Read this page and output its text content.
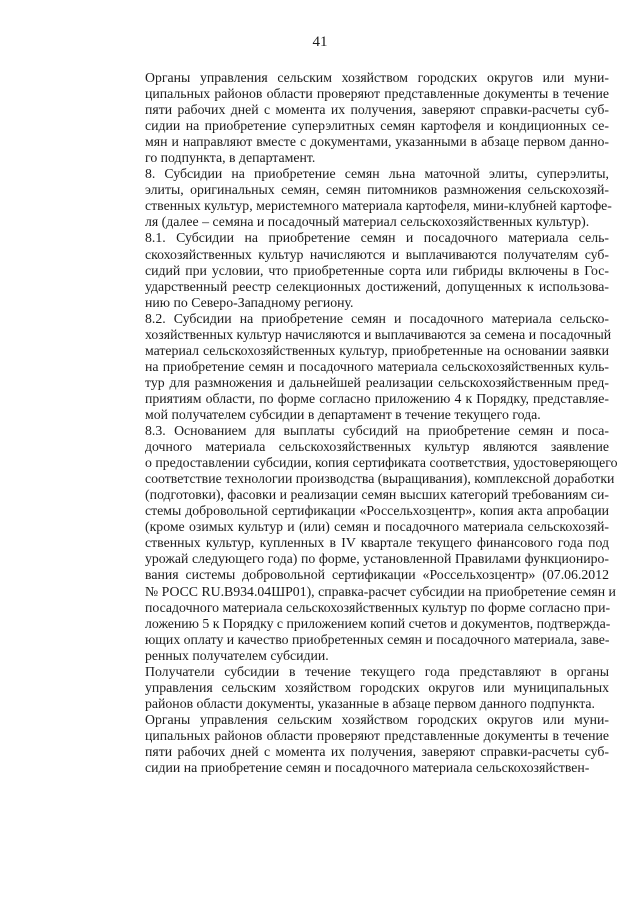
41

Органы управления сельским хозяйством городских округов или муни-
ципальных районов области проверяют представленные документы в течение
пяти рабочих дней с момента их получения, заверяют справки-расчеты суб-
сидии на приобретение суперэлитных семян картофеля и кондиционных се-
мян и направляют вместе с документами, указанными в абзаце первом данно-
го подпункта, в департамент.

8. Субсидии на приобретение семян льна маточной элиты, суперэлиты,
элиты, оригинальных семян, семян питомников размножения сельскохозяй-
ственных культур, меристемного материала картофеля, мини-клубней картофе-
ля (далее – семяна и посадочный материал сельскохозяйственных культур).

8.1. Субсидии на приобретение семян и посадочного материала сель-
скохозяйственных культур начисляются и выплачиваются получателям суб-
сидий при условии, что приобретенные сорта или гибриды включены в Гос-
ударственный реестр селекционных достижений, допущенных к использова-
нию по Северо-Западному региону.

8.2. Субсидии на приобретение семян и посадочного материала сельско-
хозяйственных культур начисляются и выплачиваются за семена и посадочный
материал сельскохозяйственных культур, приобретенные на основании заявки
на приобретение семян и посадочного материала сельскохозяйственных куль-
тур для размножения и дальнейшей реализации сельскохозяйственным пред-
приятиям области, по форме согласно приложению 4 к Порядку, представляе-
мой получателем субсидии в департамент в течение текущего года.

8.3. Основанием для выплаты субсидий на приобретение семян и поса-
дочного материала сельскохозяйственных культур являются заявление
о предоставлении субсидии, копия сертификата соответствия, удостоверяющего
соответствие технологии производства (выращивания), комплексной доработки
(подготовки), фасовки и реализации семян высших категорий требованиям си-
стемы добровольной сертификации «Россельхозцентр», копия акта апробации
(кроме озимых культур и (или) семян и посадочного материала сельскохозяй-
ственных культур, купленных в IV квартале текущего финансового года под
урожай следующего года) по форме, установленной Правилами функциониро-
вания системы добровольной сертификации «Россельхозцентр» (07.06.2012
№ РОСС RU.В934.04ШР01), справка-расчет субсидии на приобретение семян и
посадочного материала сельскохозяйственных культур по форме согласно при-
ложению 5 к Порядку с приложением копий счетов и документов, подтвержда-
ющих оплату и качество приобретенных семян и посадочного материала, заве-
ренных получателем субсидии.

Получатели субсидии в течение текущего года представляют в органы
управления сельским хозяйством городских округов или муниципальных
районов области документы, указанные в абзаце первом данного подпункта.

Органы управления сельским хозяйством городских округов или муни-
ципальных районов области проверяют представленные документы в течение
пяти рабочих дней с момента их получения, заверяют справки-расчеты суб-
сидии на приобретение семян и посадочного материала сельскохозяйствен-
